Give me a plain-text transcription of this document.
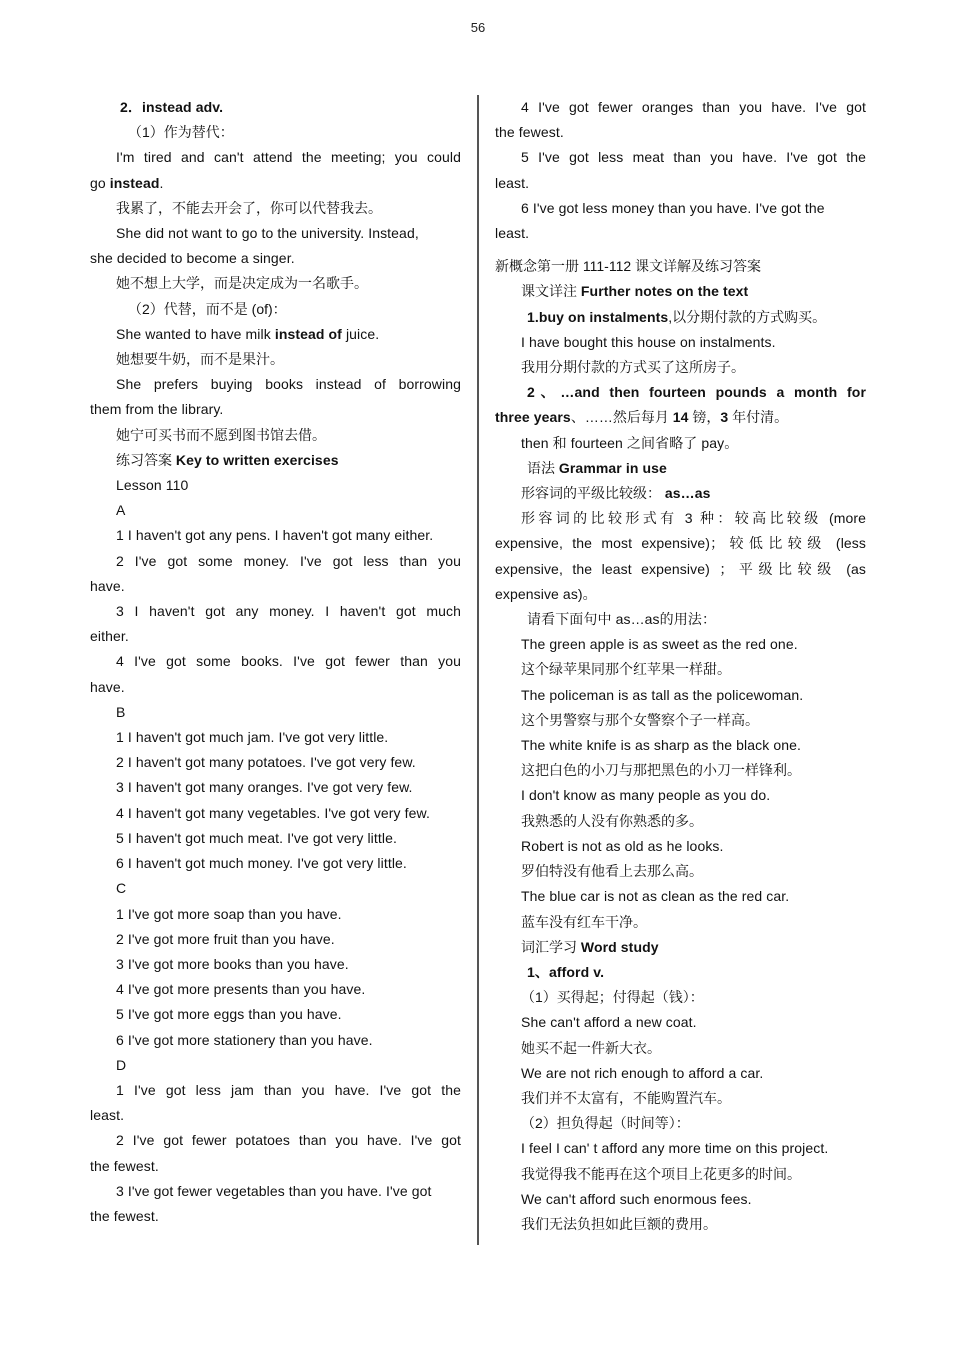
56
2．instead adv.
（1）作为替代：
I'm tired and can't attend the meeting; you could
go instead.
我累了，不能去开会了，你可以代替我去。
She did not want to go to the university. Instead,
she decided to become a singer.
她不想上大学，而是决定成为一名歌手。
（2）代替，而不是 (of)：
She wanted to have milk instead of juice.
她想要牛奶，而不是果汁。
She prefers buying books instead of borrowing
them from the library.
她宁可买书而不愿到图书馆去借。
练习答案 Key to written exercises
Lesson 110
A
1 I haven't got any pens. I haven't got many either.
2 I've got some money. I've got less than you
have.
3 I haven't got any money. I haven't got much
either.
4 I've got some books. I've got fewer than you
have.
B
1 I haven't got much jam. I've got very little.
2 I haven't got many potatoes. I've got very few.
3 I haven't got many oranges. I've got very few.
4 I haven't got many vegetables. I've got very few.
5 I haven't got much meat. I've got very little.
6 I haven't got much money. I've got very little.
C
1 I've got more soap than you have.
2 I've got more fruit than you have.
3 I've got more books than you have.
4 I've got more presents than you have.
5 I've got more eggs than you have.
6 I've got more stationery than you have.
D
1 I've got less jam than you have. I've got the
least.
2 I've got fewer potatoes than you have. I've got
the fewest.
3 I've got fewer vegetables than you have. I've got
the fewest.
4 I've got fewer oranges than you have. I've got
the fewest.
5 I've got less meat than you have. I've got the
least.
6 I've got less money than you have. I've got the
least.
新概念第一册 111-112 课文详解及练习答案
课文详注 Further notes on the text
1.buy on instalments,以分期付款的方式购买。
I have bought this house on instalments.
我用分期付款的方式买了这所房子。
2、…and then fourteen pounds a month for
three years、……然后每月 14 镑，3 年付清。
then 和 fourteen 之间省略了 pay。
语法 Grammar in use
形容词的平级比较级： as…as
形容词的比较形式有 3 种：较高比较级 (more
expensive, the most expensive)；较低比较级 (less
expensive, the least expensive) ；平级比较级 (as
expensive as)。
请看下面句中 as…as的用法：
The green apple is as sweet as the red one.
这个绿苹果同那个红苹果一样甜。
The policeman is as tall as the policewoman.
这个男警察与那个女警察个子一样高。
The white knife is as sharp as the black one.
这把白色的小刀与那把黑色的小刀一样锋利。
I don't know as many people as you do.
我熟悉的人没有你熟悉的多。
Robert is not as old as he looks.
罗伯特没有他看上去那么高。
The blue car is not as clean as the red car.
蓝车没有红车干净。
词汇学习 Word study
1、afford v.
（1）买得起；付得起（钱）：
She can't afford a new coat.
她买不起一件新大衣。
We are not rich enough to afford a car.
我们并不太富有，不能购置汽车。
（2）担负得起（时间等）：
I feel I can' t afford any more time on this project.
我觉得我不能再在这个项目上花更多的时间。
We can't afford such enormous fees.
我们无法负担如此巨额的费用。
